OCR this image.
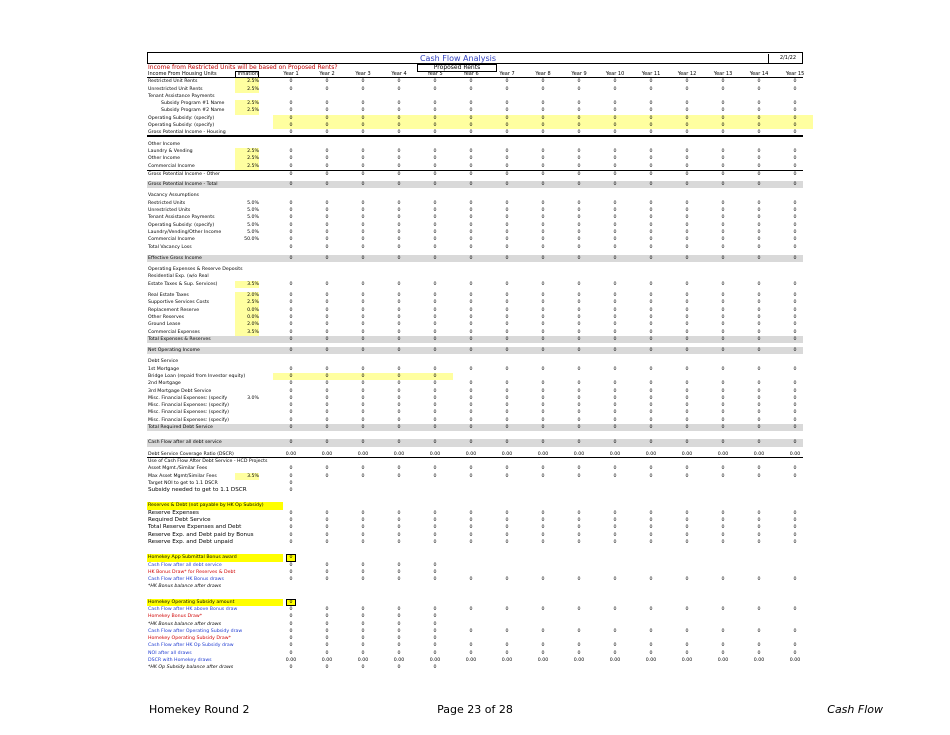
Cash Flow Analysis	2/1/22
Income from Restricted Units will be based on Proposed Rents?	Proposed Rents
Income From Housing Units	Inflation	Year 1	Year 2	Year 3	Year 4	Year 5	Year 6	Year 7	Year 8	Year 9	Year 10	Year 11	Year 12	Year 13	Year 14	Year 15
Restricted Unit Rents	2.5%	0	0	0	0	0	0	0	0	0	0	0	0	0	0	0
Unrestricted Unit Rents	2.5%	0	0	0	0	0	0	0	0	0	0	0	0	0	0	0
Tenant Assistance Payments
Subsidy Program #1 Name	2.5%	0	0	0	0	0	0	0	0	0	0	0	0	0	0	0
Subsidy Program #2 Name	2.5%	0	0	0	0	0	0	0	0	0	0	0	0	0	0	0
Operating Subsidy: (specify)	0	0	0	0	0	0	0	0	0	0	0	0	0	0	0
Operating Subsidy: (specify)	0	0	0	0	0	0	0	0	0	0	0	0	0	0	0
Gross Potential Income - Housing	0	0	0	0	0	0	0	0	0	0	0	0	0	0	0
Other Income
Laundry & Vending	2.5%	0	0	0	0	0	0	0	0	0	0	0	0	0	0	0
Other Income	2.5%	0	0	0	0	0	0	0	0	0	0	0	0	0	0	0
Commercial Income	2.5%	0	0	0	0	0	0	0	0	0	0	0	0	0	0	0
Gross Potential Income - Other	0	0	0	0	0	0	0	0	0	0	0	0	0	0	0
Gross Potential Income - Total	0	0	0	0	0	0	0	0	0	0	0	0	0	0	0
Vacancy Assumptions
Restricted Units	5.0%	0	0	0	0	0	0	0	0	0	0	0	0	0	0	0
Unrestricted Units	5.0%	0	0	0	0	0	0	0	0	0	0	0	0	0	0	0
Tenant Assistance Payments	5.0%	0	0	0	0	0	0	0	0	0	0	0	0	0	0	0
Operating Subsidy: (specify)	5.0%	0	0	0	0	0	0	0	0	0	0	0	0	0	0	0
Laundry/Vending/Other Income	5.0%	0	0	0	0	0	0	0	0	0	0	0	0	0	0	0
Commercial Income	50.0%	0	0	0	0	0	0	0	0	0	0	0	0	0	0	0
Total Vacancy Loss	0	0	0	0	0	0	0	0	0	0	0	0	0	0	0
Effective Gross Income	0	0	0	0	0	0	0	0	0	0	0	0	0	0	0
Operating Expenses & Reserve Deposits
Residential Exp. (w/o Real
Estate Taxes & Sup. Services)	3.5%	0	0	0	0	0	0	0	0	0	0	0	0	0	0	0
Real Estate Taxes	2.0%	0	0	0	0	0	0	0	0	0	0	0	0	0	0	0
Supportive Services Costs	2.5%	0	0	0	0	0	0	0	0	0	0	0	0	0	0	0
Replacement Reserve	0.0%	0	0	0	0	0	0	0	0	0	0	0	0	0	0	0
Other Reserves	0.0%	0	0	0	0	0	0	0	0	0	0	0	0	0	0	0
Ground Lease	2.0%	0	0	0	0	0	0	0	0	0	0	0	0	0	0	0
Commercial Expenses	3.5%	0	0	0	0	0	0	0	0	0	0	0	0	0	0	0
Total Expenses & Reserves	0	0	0	0	0	0	0	0	0	0	0	0	0	0	0
Net Operating Income	0	0	0	0	0	0	0	0	0	0	0	0	0	0	0
Debt Service
1st Mortgage	0	0	0	0	0	0	0	0	0	0	0	0	0	0	0
Bridge Loan (repaid from Investor equity)	0	0	0	0	0
2nd Mortgage	0	0	0	0	0	0	0	0	0	0	0	0	0	0	0
3rd Mortgage Debt Service	0	0	0	0	0	0	0	0	0	0	0	0	0	0	0
Misc. Financial Expenses: (specify	3.0%	0	0	0	0	0	0	0	0	0	0	0	0	0	0	0
Misc. Financial Expenses: (specify)	0	0	0	0	0	0	0	0	0	0	0	0	0	0	0
Misc. Financial Expenses: (specify)	0	0	0	0	0	0	0	0	0	0	0	0	0	0	0
Misc. Financial Expenses: (specify)	0	0	0	0	0	0	0	0	0	0	0	0	0	0	0
Total Required Debt Service	0	0	0	0	0	0	0	0	0	0	0	0	0	0	0
Cash Flow after all debt service	0	0	0	0	0	0	0	0	0	0	0	0	0	0	0
Debt Service Coverage Ratio (DSCR)	0.00	0.00	0.00	0.00	0.00	0.00	0.00	0.00	0.00	0.00	0.00	0.00	0.00	0.00	0.00
Use of Cash Flow After Debt Service - HCD Projects
Asset Mgmt./Similar Fees	0	0	0	0	0	0	0	0	0	0	0	0	0	0	0
Max Asset Mgmt/Similar Fees	3.5%	0	0	0	0	0	0	0	0	0	0	0	0	0	0	0
Target NOI to get to 1.1 DSCR	0
Subsidy needed to get to 1.1 DSCR	0
Reserves & Debt (not payable by HK Op Subsidy)
Reserve Expenses	0	0	0	0	0	0	0	0	0	0	0	0	0	0	0
Required Debt Service	0	0	0	0	0	0	0	0	0	0	0	0	0	0	0
Total Reserve Expenses and Debt	0	0	0	0	0	0	0	0	0	0	0	0	0	0	0
Reserve Exp. and Debt paid by Bonus	0	0	0	0	0	0	0	0	0	0	0	0	0	0	0
Reserve Exp. and Debt unpaid	0	0	0	0	0	0	0	0	0	0	0	0	0	0	0
Homekey App Submittal Bonus award	0
Cash Flow after all debt service	0	0	0	0	0
HK Bonus Draw* for Reserves & Debt	0	0	0	0	0
Cash Flow after HK Bonus draws	0	0	0	0	0	0	0	0	0	0	0	0	0	0	0
*HK Bonus balance after draws
Homekey Operating Subsidy amount	0
Cash Flow after HK above Bonus draw	0	0	0	0	0	0	0	0	0	0	0	0	0	0	0
Homekey Bonus Draw*	0	0	0	0	0
*HK Bonus balance after draws	0	0	0	0	0
Cash Flow after Operating Subsidy draw	0	0	0	0	0	0	0	0	0	0	0	0	0	0	0
Homekey Operating Subsidy Draw*	0	0	0	0	0
Cash Flow after HK Op Subsidy draw	0	0	0	0	0	0	0	0	0	0	0	0	0	0	0
NOI after all draws	0	0	0	0	0	0	0	0	0	0	0	0	0	0	0
DSCR with Homekey draws	0.00	0.00	0.00	0.00	0.00	0.00	0.00	0.00	0.00	0.00	0.00	0.00	0.00	0.00	0.00
*HK Op Subsidy balance after draws	0	0	0	0	0
Homekey Round 2	Page 23 of 28	Cash Flow
